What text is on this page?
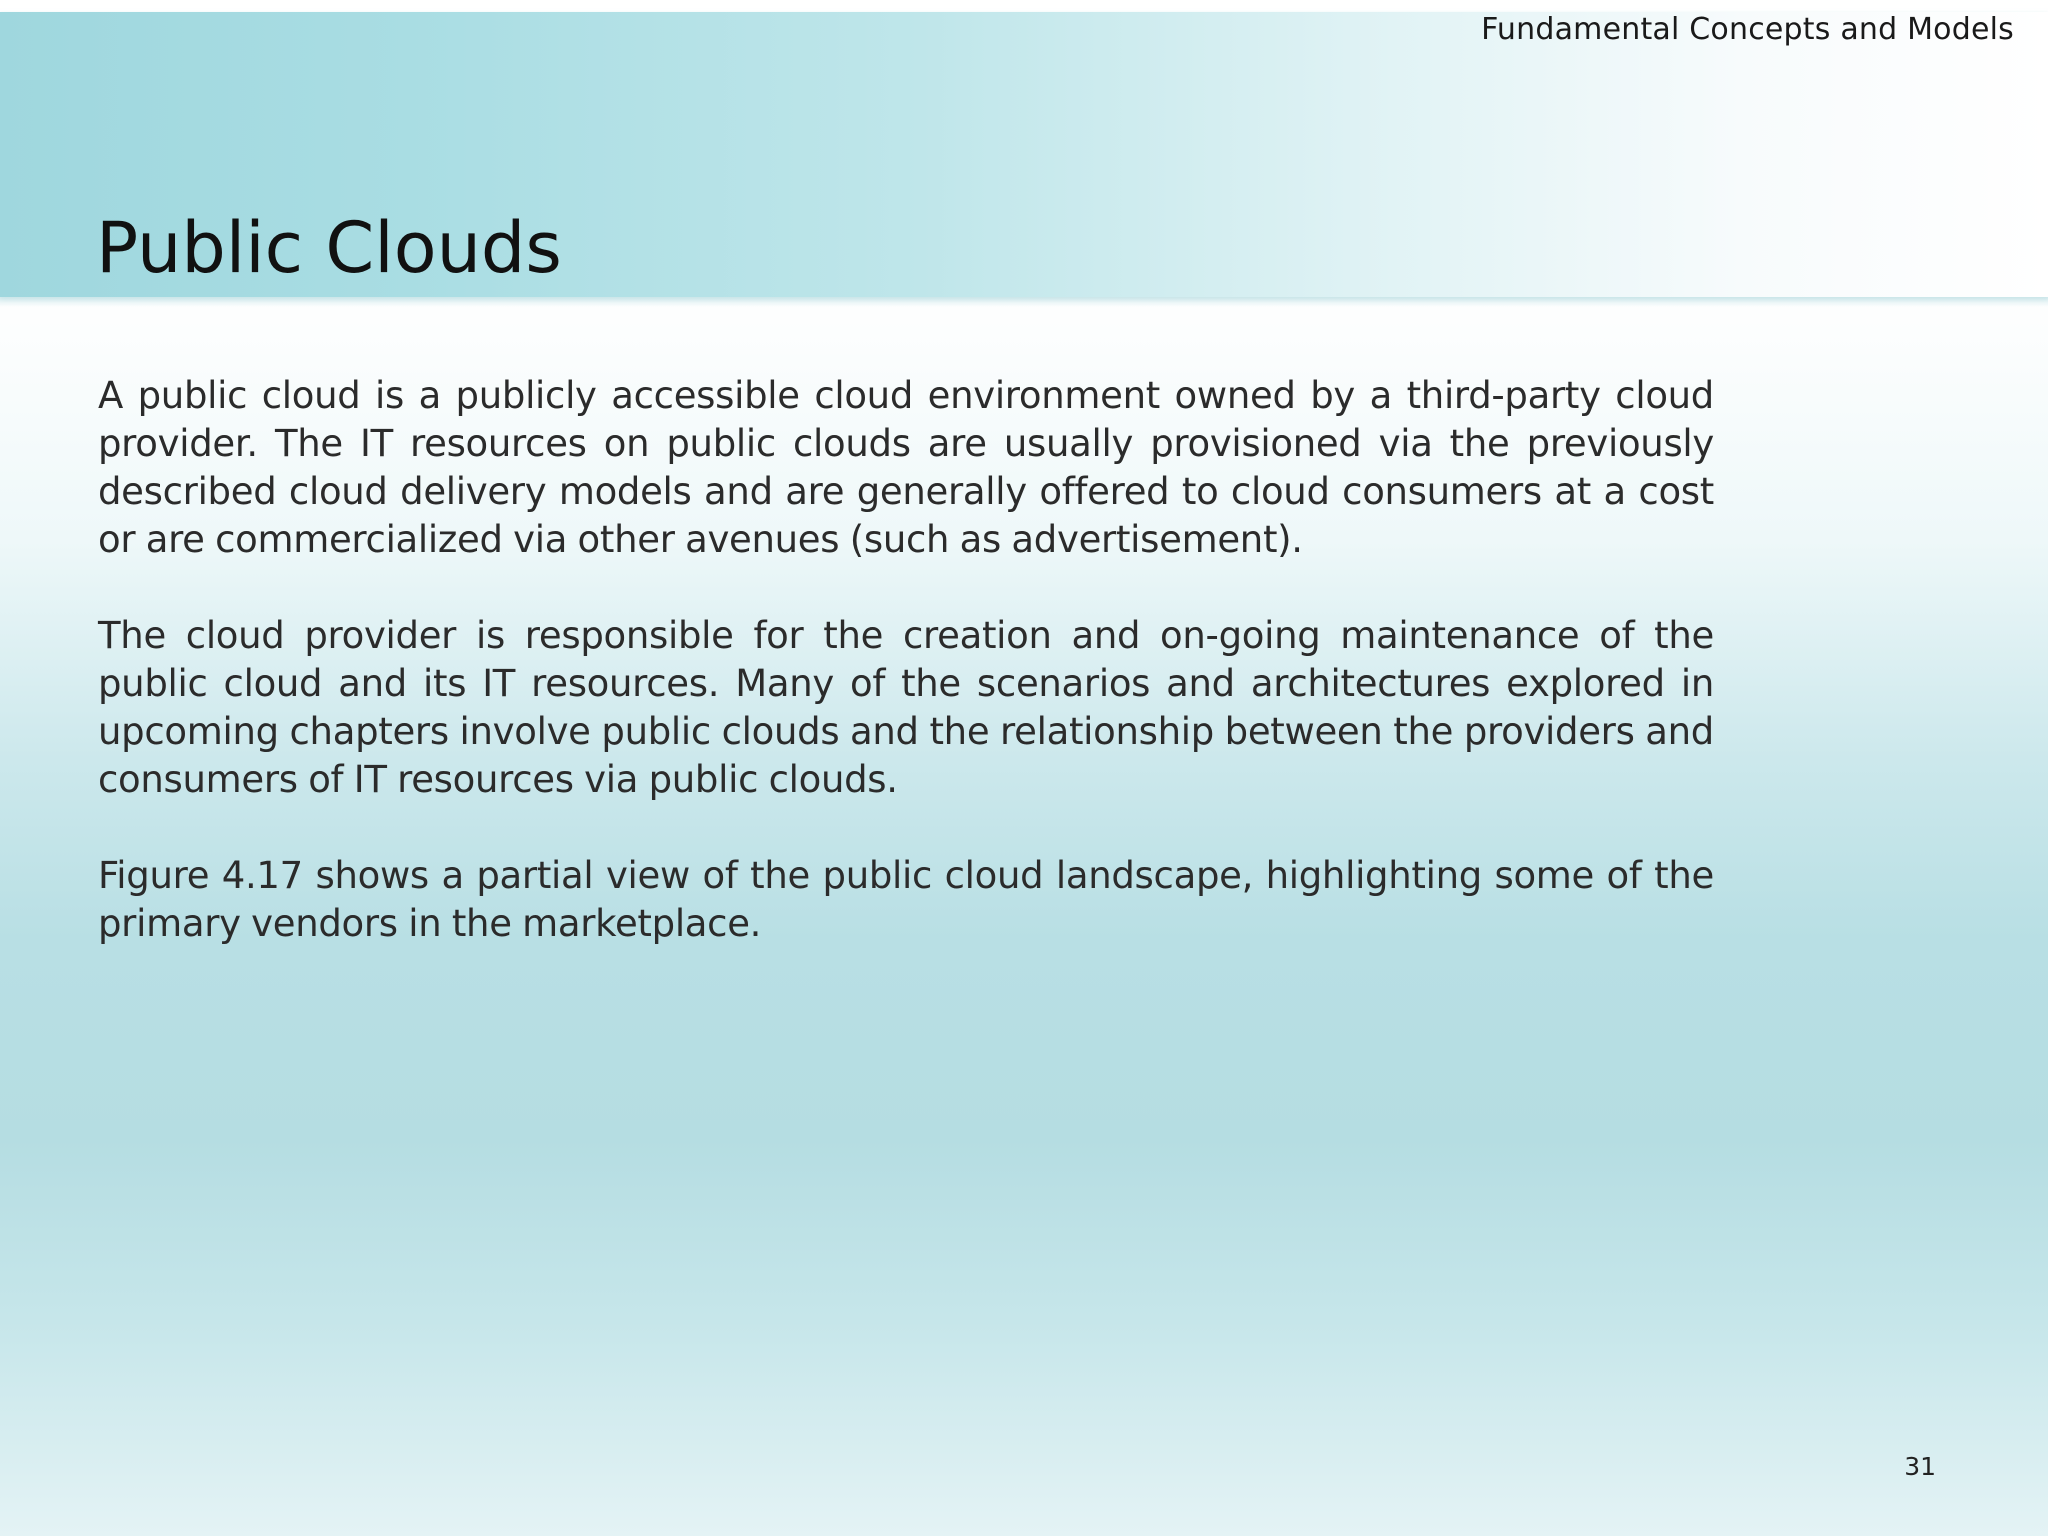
Fundamental Concepts and Models
Public Clouds

A public cloud is a publicly accessible cloud environment owned by a third-party cloud provider. The IT resources on public clouds are usually provisioned via the previously described cloud delivery models and are generally offered to cloud consumers at a cost or are commercialized via other avenues (such as advertisement).

The cloud provider is responsible for the creation and on-going maintenance of the public cloud and its IT resources. Many of the scenarios and architectures explored in upcoming chapters involve public clouds and the relationship between the providers and consumers of IT resources via public clouds.

Figure 4.17 shows a partial view of the public cloud landscape, highlighting some of the primary vendors in the marketplace.

31
